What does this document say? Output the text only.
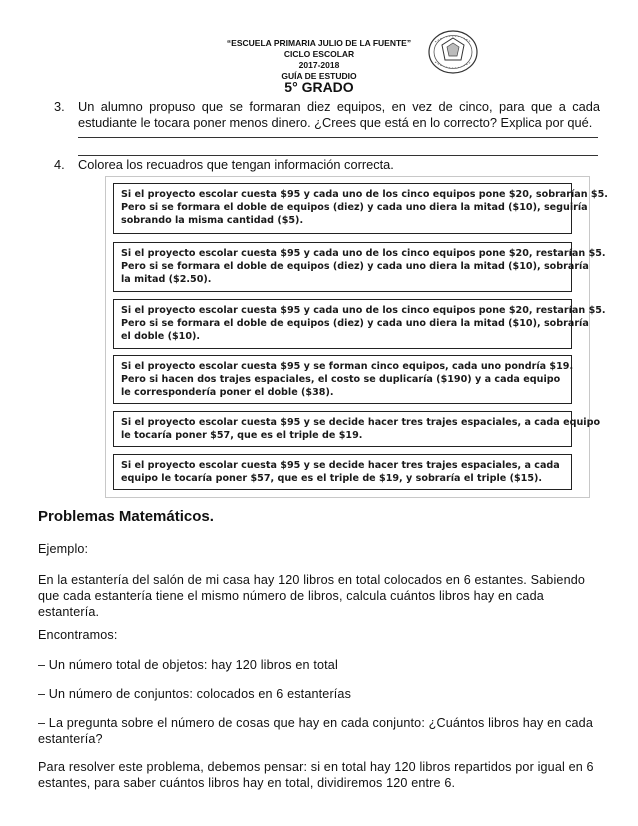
“ESCUELA PRIMARIA JULIO DE LA FUENTE”
CICLO ESCOLAR
2017-2018
GUÍA DE ESTUDIO
5° GRADO
3.	Un alumno propuso que se formaran diez equipos, en vez de cinco, para que a cada estudiante le tocara poner menos dinero. ¿Crees que está en lo correcto? Explica por qué.
4.	Colorea los recuadros que tengan información correcta.
Si el proyecto escolar cuesta $95 y cada uno de los cinco equipos pone $20, sobrarían $5.
Pero si se formara el doble de equipos (diez) y cada uno diera la mitad ($10), seguiría
sobrando la misma cantidad ($5).
Si el proyecto escolar cuesta $95 y cada uno de los cinco equipos pone $20, restarían $5.
Pero si se formara el doble de equipos (diez) y cada uno diera la mitad ($10), sobraría
la mitad ($2.50).
Si el proyecto escolar cuesta $95 y cada uno de los cinco equipos pone $20, restarían $5.
Pero si se formara el doble de equipos (diez) y cada uno diera la mitad ($10), sobraría
el doble ($10).
Si el proyecto escolar cuesta $95 y se forman cinco equipos, cada uno pondría $19.
Pero si hacen dos trajes espaciales, el costo se duplicaría ($190) y a cada equipo
le correspondería poner el doble ($38).
Si el proyecto escolar cuesta $95 y se decide hacer tres trajes espaciales, a cada equipo
le tocaría poner $57, que es el triple de $19.
Si el proyecto escolar cuesta $95 y se decide hacer tres trajes espaciales, a cada
equipo le tocaría poner $57, que es el triple de $19, y sobraría el triple ($15).
Problemas Matemáticos.
Ejemplo:
En la estantería del salón de mi casa hay 120 libros en total colocados en 6 estantes. Sabiendo que cada estantería tiene el mismo número de libros, calcula cuántos libros hay en cada estantería.
Encontramos:
– Un número total de objetos: hay 120 libros en total
– Un número de conjuntos: colocados en 6 estanterías
– La pregunta sobre el número de cosas que hay en cada conjunto: ¿Cuántos libros hay en cada estantería?
Para resolver este problema, debemos pensar: si en total hay 120 libros repartidos por igual en 6 estantes, para saber cuántos libros hay en total, dividiremos 120 entre 6.
